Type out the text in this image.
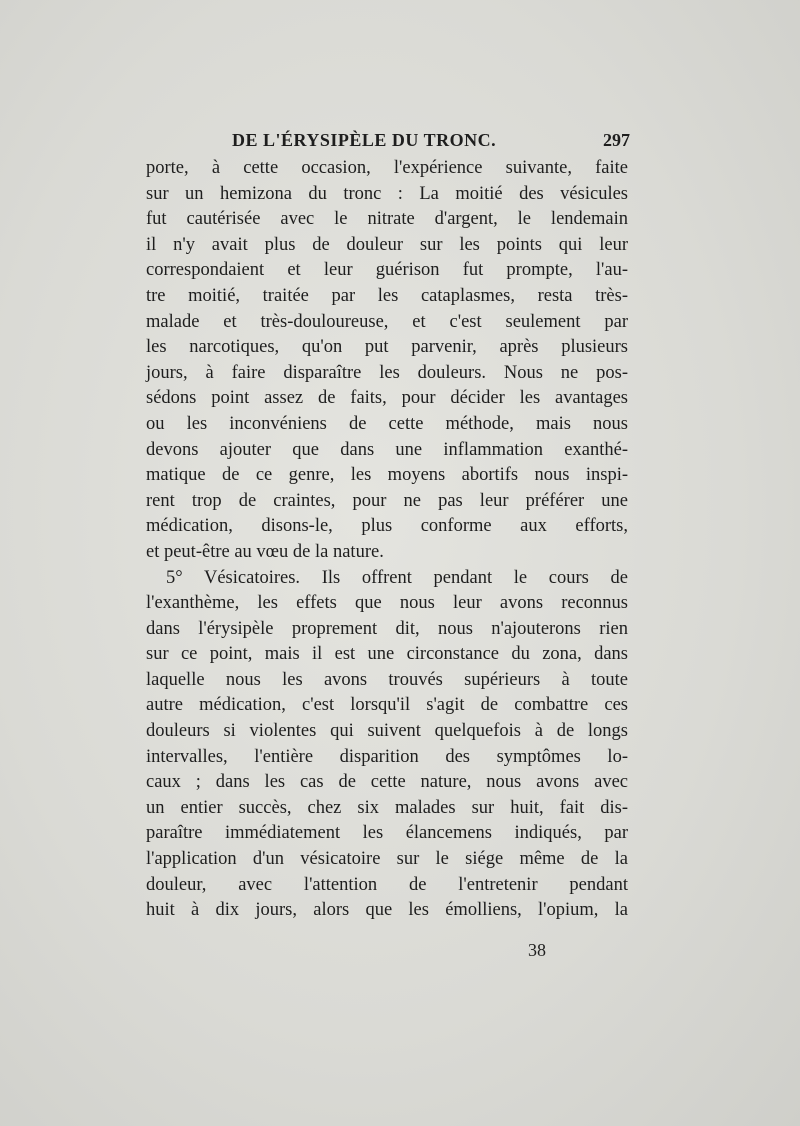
DE L'ÉRYSIPÈLE DU TRONC.	297
porte, à cette occasion, l'expérience suivante, faite
sur un hemizona du tronc : La moitié des vésicules
fut cautérisée avec le nitrate d'argent, le lendemain
il n'y avait plus de douleur sur les points qui leur
correspondaient et leur guérison fut prompte, l'au-
tre moitié, traitée par les cataplasmes, resta très-
malade et très-douloureuse, et c'est seulement par
les narcotiques, qu'on put parvenir, après plusieurs
jours, à faire disparaître les douleurs. Nous ne pos-
sédons point assez de faits, pour décider les avantages
ou les inconvéniens de cette méthode, mais nous
devons ajouter que dans une inflammation exanthé-
matique de ce genre, les moyens abortifs nous inspi-
rent trop de craintes, pour ne pas leur préférer une
médication, disons-le, plus conforme aux efforts,
et peut-être au vœu de la nature.
5° Vésicatoires. Ils offrent pendant le cours de
l'exanthème, les effets que nous leur avons reconnus
dans l'érysipèle proprement dit, nous n'ajouterons rien
sur ce point, mais il est une circonstance du zona, dans
laquelle nous les avons trouvés supérieurs à toute
autre médication, c'est lorsqu'il s'agit de combattre ces
douleurs si violentes qui suivent quelquefois à de longs
intervalles, l'entière disparition des symptômes lo-
caux ; dans les cas de cette nature, nous avons avec
un entier succès, chez six malades sur huit, fait dis-
paraître immédiatement les élancemens indiqués, par
l'application d'un vésicatoire sur le siége même de la
douleur, avec l'attention de l'entretenir pendant
huit à dix jours, alors que les émolliens, l'opium, la
38
